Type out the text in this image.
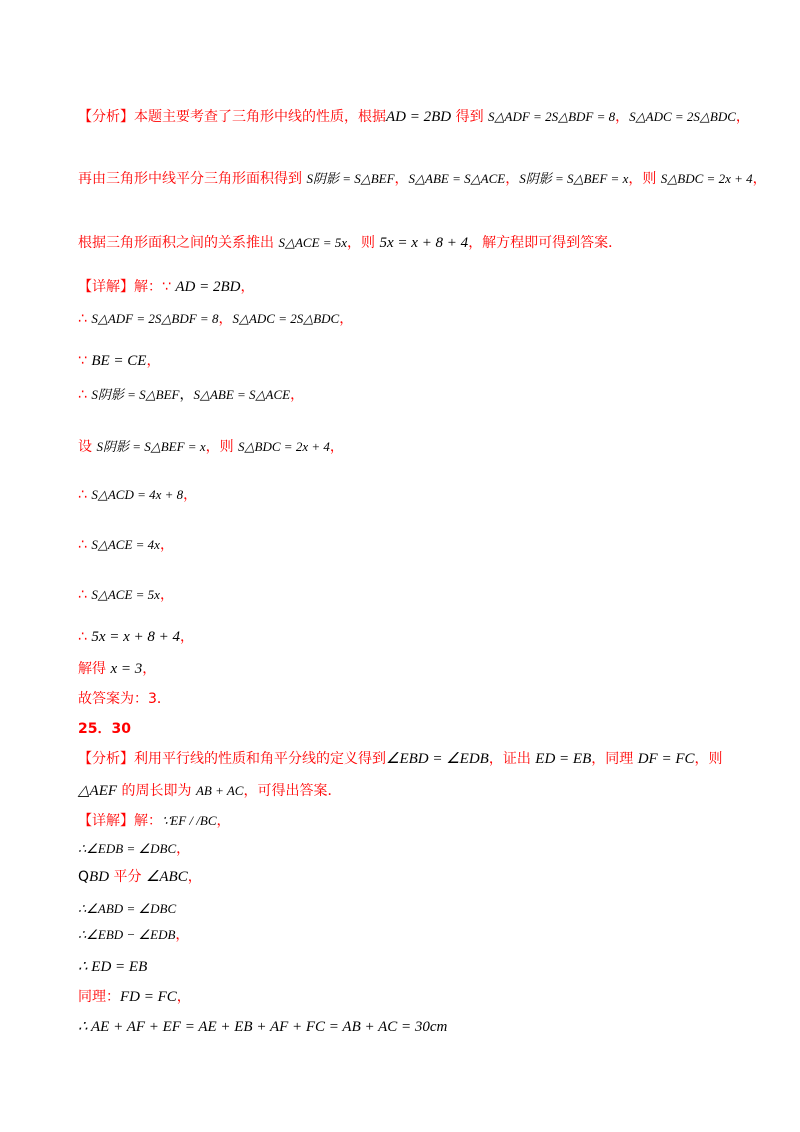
【分析】本题主要考查了三角形中线的性质，根据AD = 2BD 得到 S△ADF = 2S△BDF = 8，S△ADC = 2S△BDC，
再由三角形中线平分三角形面积得到 S阴影 = S△BEF，S△ABE = S△ACE，S阴影 = S△BEF = x，则 S△BDC = 2x + 4，
根据三角形面积之间的关系推出 S△ACE = 5x，则 5x = x + 8 + 4，解方程即可得到答案．
【详解】解：∵ AD = 2BD，
∴ S△ADF = 2S△BDF = 8，S△ADC = 2S△BDC，
∵ BE = CE，
∴ S阴影 = S△BEF，S△ABE = S△ACE，
设 S阴影 = S△BEF = x，则 S△BDC = 2x + 4，
∴ S△ACD = 4x + 8，
∴ S△ACE = 4x，
∴ S△ACE = 5x，
∴ 5x = x + 8 + 4，
解得 x = 3，
故答案为：3．
25．30
【分析】利用平行线的性质和角平分线的定义得到∠EBD = ∠EDB，证出 ED = EB，同理 DF = FC，则
△AEF 的周长即为 AB + AC，可得出答案．
【详解】解：∵EF / /BC，
∴∠EDB = ∠DBC，
QBD 平分 ∠ABC，
∴∠ABD = ∠DBC
∴∠EBD − ∠EDB，
∴ ED = EB
同理：FD = FC，
∴ AE + AF + EF = AE + EB + AF + FC = AB + AC = 30cm
